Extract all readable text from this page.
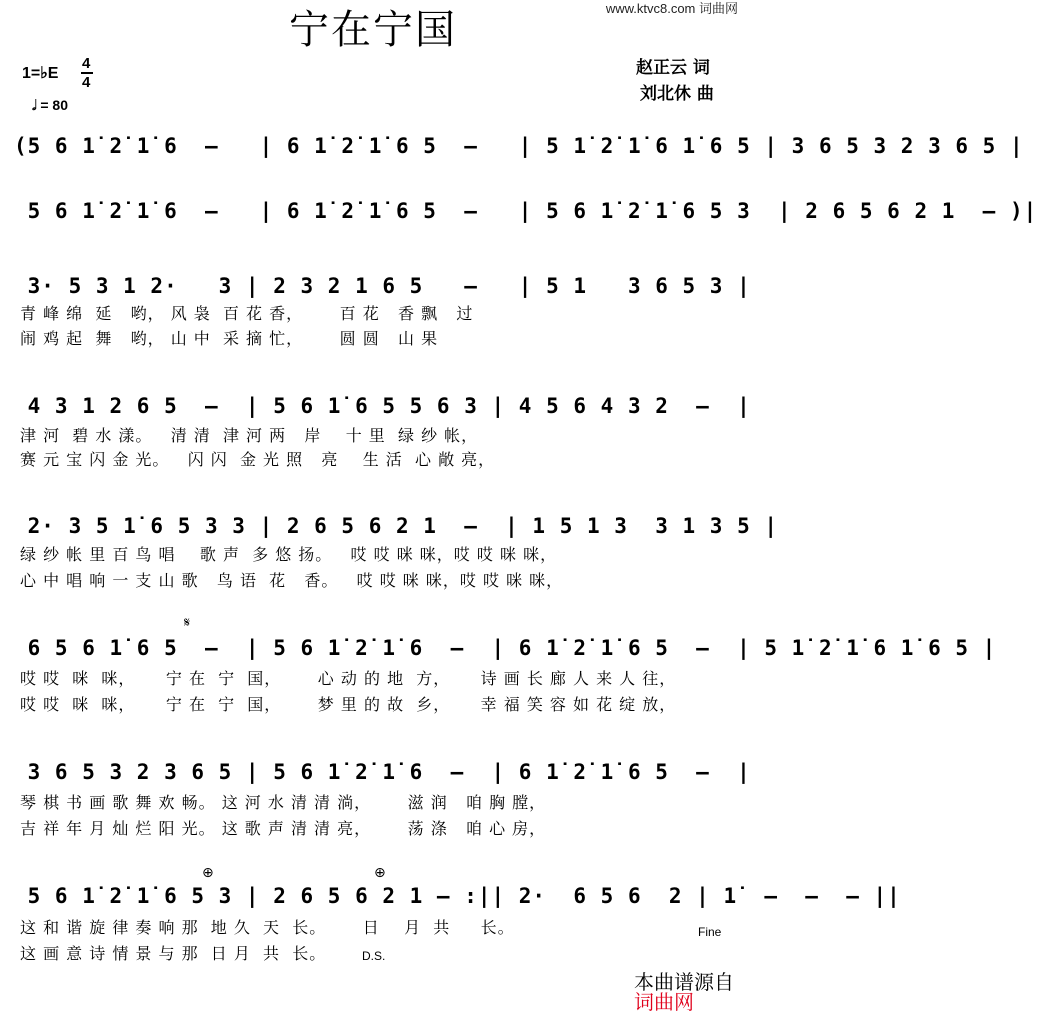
www.ktvc8.com 词曲网
宁在宁国
1=♭E
4
4
𝅗𝅥 = 80
赵正云 词
刘北休 曲
(5 6 1̇ 2̇ 1̇ 6  –   | 6 1̇ 2̇ 1̇ 6 5  –   | 5 1̇ 2̇ 1̇ 6 1̇ 6 5 | 3 6 5 3 2 3 6 5 |
5 6 1̇ 2̇ 1̇ 6  –   | 6 1̇ 2̇ 1̇ 6 5  –   | 5 6 1̇ 2̇ 1̇ 6 5 3  | 2 6 5 6 2 1  – )|
3· 5 3 1 2·   3 | 2 3 2 1 6 5   –   | 5 1   3 6 5 3 |
青 峰 绵  延   哟， 风 袅  百 花 香，      百 花   香 飘   过
闹 鸡 起  舞   哟， 山 中  采 摘 忙，      圆 圆   山 果
4 3 1 2 6 5  –  | 5 6 1̇ 6 5 5 6 3 | 4 5 6 4 3 2  –  |
津 河  碧 水 漾。   清 清  津 河 两   岸    十 里  绿 纱 帐，
赛 元 宝 闪 金 光。   闪 闪  金 光 照   亮    生 活  心 敞 亮，
2· 3 5 1̇ 6 5 3 3 | 2 6 5 6 2 1  –  | 1 5 1 3  3 1 3 5 |
绿 纱 帐 里 百 鸟 唱    歌 声  多 悠 扬。   哎 哎 咪 咪，哎 哎 咪 咪，
心 中 唱 响 一 支 山 歌   鸟 语  花   香。   哎 哎 咪 咪，哎 哎 咪 咪，
𝄋
6 5 6 1̇ 6 5  –  | 5 6 1̇ 2̇ 1̇ 6  –  | 6 1̇ 2̇ 1̇ 6 5  –  | 5 1̇ 2̇ 1̇ 6 1̇ 6 5 |
哎 哎  咪  咪，     宁 在  宁  国，      心 动 的 地  方，     诗 画 长 廊 人 来 人 往，
哎 哎  咪  咪，     宁 在  宁  国，      梦 里 的 故  乡，     幸 福 笑 容 如 花 绽 放，
3 6 5 3 2 3 6 5 | 5 6 1̇ 2̇ 1̇ 6  –  | 6 1̇ 2̇ 1̇ 6 5  –  |
琴 棋 书 画 歌 舞 欢 畅。 这 河 水 清 清 淌，      滋 润   咱 胸 膛，
吉 祥 年 月 灿 烂 阳 光。 这 歌 声 清 清 亮，      荡 涤   咱 心 房，
⊕	⊕
5 6 1̇ 2̇ 1̇ 6 5 3 | 2 6 5 6 2 1 – :|| 2·  6 5 6  2 | 1̇  –  –  – ||
这 和 谐 旋 律 奏 响 那  地 久  天  长。      日    月  共     长。
这 画 意 诗 情 景 与 那  日 月  共  长。
Fine
D.S.

本曲谱源自
词曲网
